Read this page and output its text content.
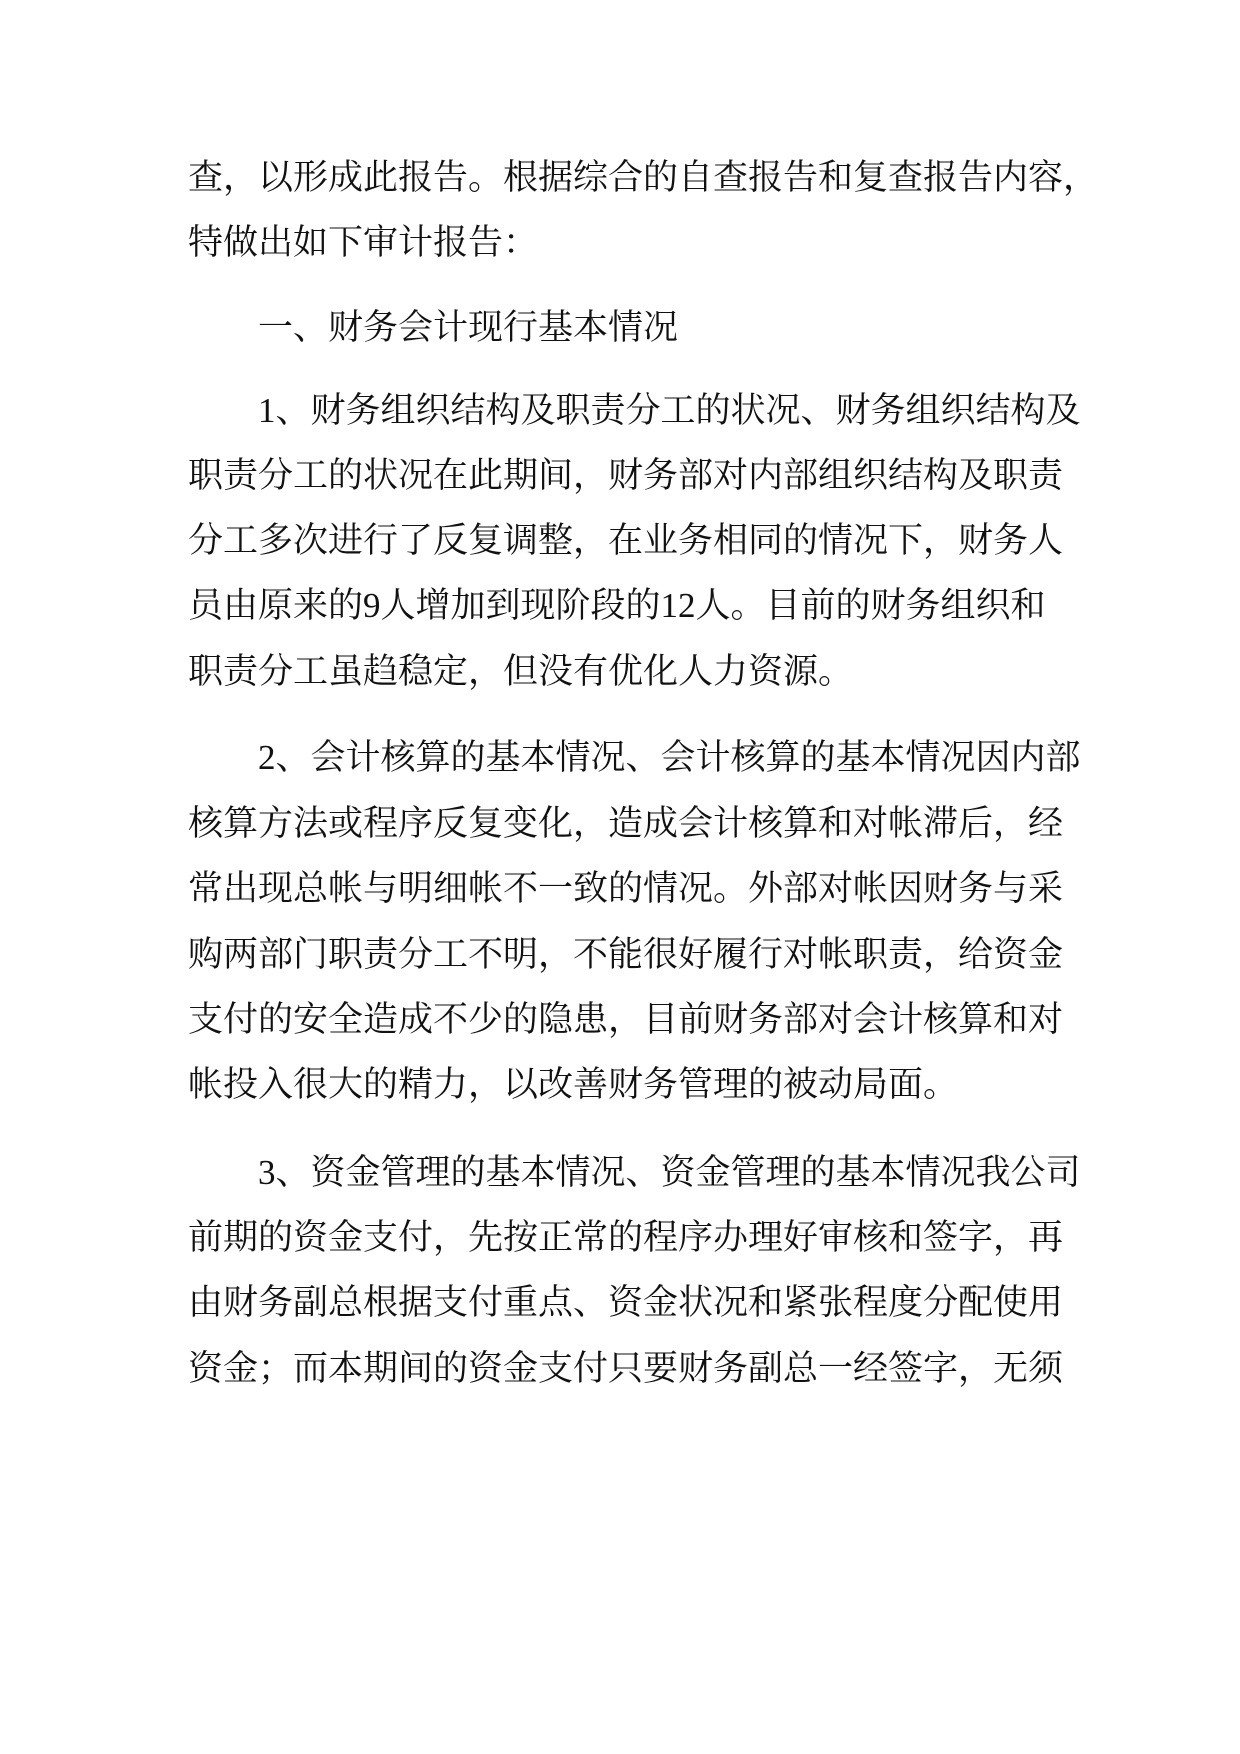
查，以形成此报告。根据综合的自查报告和复查报告内容，
特做出如下审计报告：
一、财务会计现行基本情况
1、财务组织结构及职责分工的状况、财务组织结构及
职责分工的状况在此期间，财务部对内部组织结构及职责
分工多次进行了反复调整，在业务相同的情况下，财务人
员由原来的9人增加到现阶段的12人。目前的财务组织和
职责分工虽趋稳定，但没有优化人力资源。
2、会计核算的基本情况、会计核算的基本情况因内部
核算方法或程序反复变化，造成会计核算和对帐滞后，经
常出现总帐与明细帐不一致的情况。外部对帐因财务与采
购两部门职责分工不明，不能很好履行对帐职责，给资金
支付的安全造成不少的隐患，目前财务部对会计核算和对
帐投入很大的精力，以改善财务管理的被动局面。
3、资金管理的基本情况、资金管理的基本情况我公司
前期的资金支付，先按正常的程序办理好审核和签字，再
由财务副总根据支付重点、资金状况和紧张程度分配使用
资金；而本期间的资金支付只要财务副总一经签字，无须
